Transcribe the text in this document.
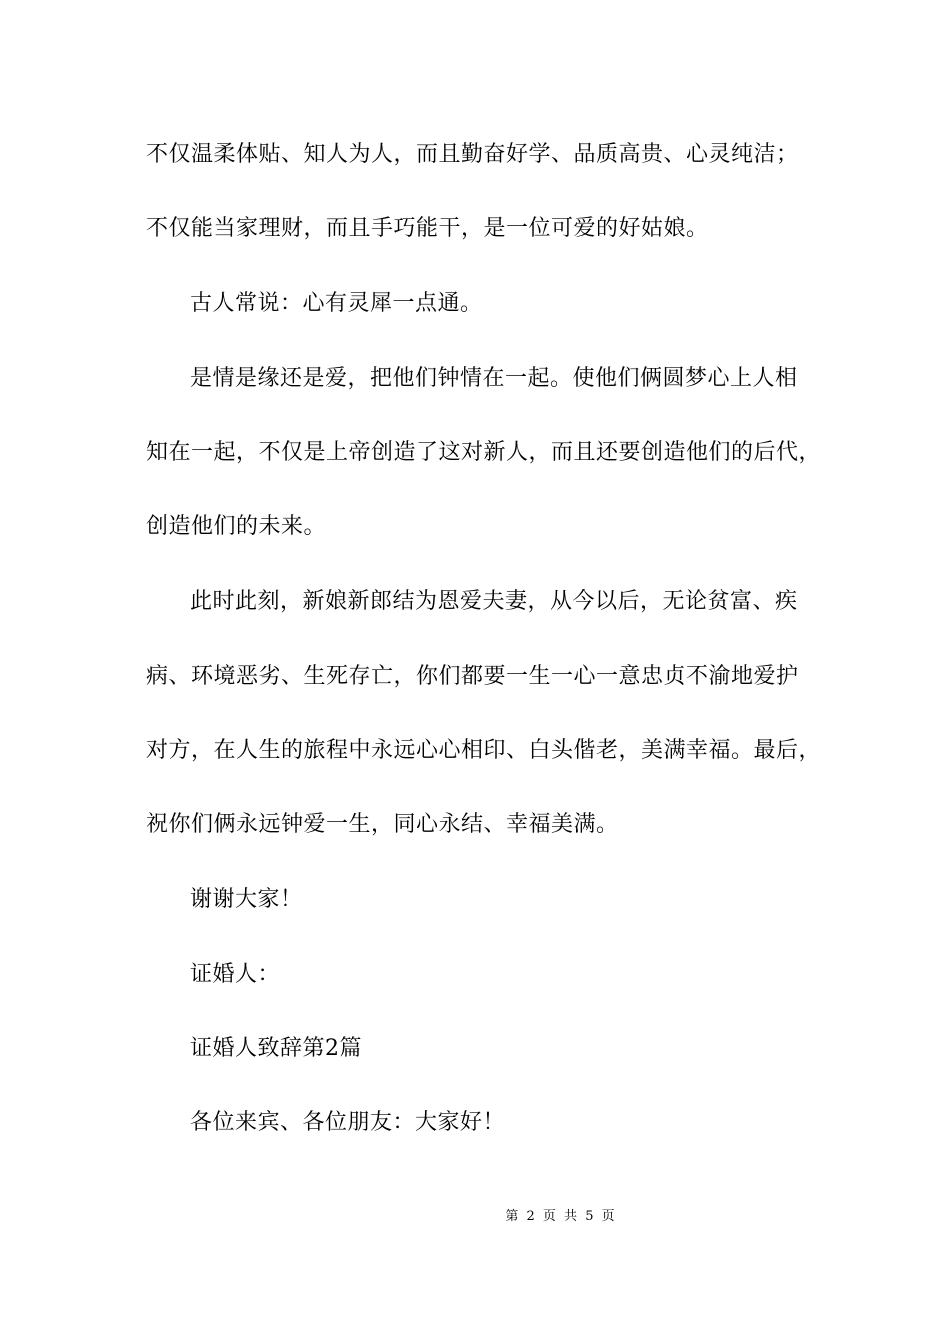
不仅温柔体贴、知人为人，而且勤奋好学、品质高贵、心灵纯洁；
不仅能当家理财，而且手巧能干，是一位可爱的好姑娘。
古人常说：心有灵犀一点通。
是情是缘还是爱，把他们钟情在一起。使他们俩圆梦心上人相
知在一起，不仅是上帝创造了这对新人，而且还要创造他们的后代，
创造他们的未来。
此时此刻，新娘新郎结为恩爱夫妻，从今以后，无论贫富、疾
病、环境恶劣、生死存亡，你们都要一生一心一意忠贞不渝地爱护
对方，在人生的旅程中永远心心相印、白头偕老，美满幸福。最后，
祝你们俩永远钟爱一生，同心永结、幸福美满。
谢谢大家！
证婚人：
证婚人致辞第2篇
各位来宾、各位朋友：大家好！
第 2 页 共 5 页
